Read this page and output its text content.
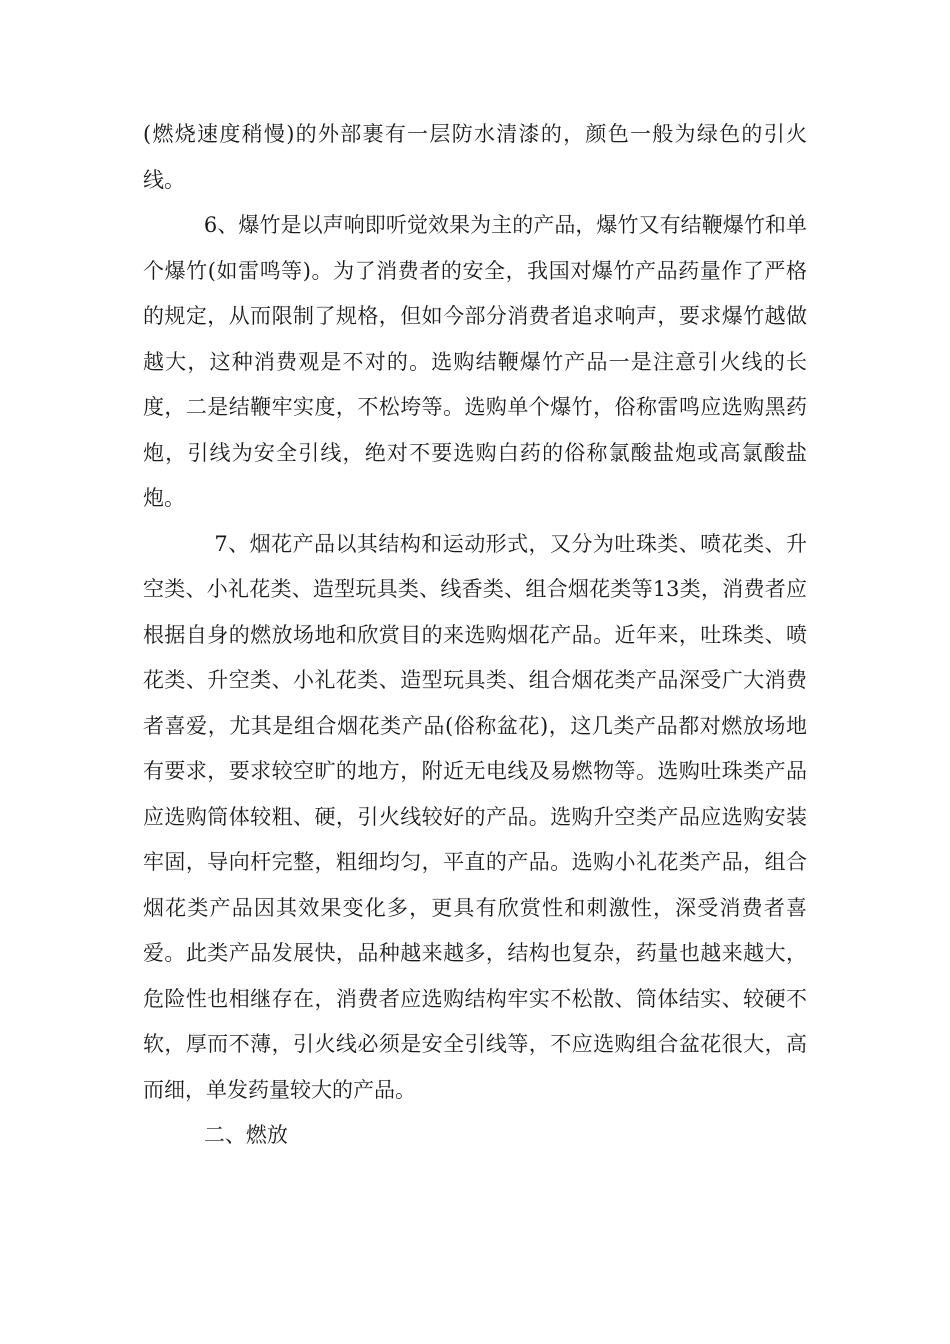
(燃烧速度稍慢)的外部裹有一层防水清漆的，颜色一般为绿色的引火线。

6、爆竹是以声响即听觉效果为主的产品，爆竹又有结鞭爆竹和单个爆竹(如雷鸣等)。为了消费者的安全，我国对爆竹产品药量作了严格的规定，从而限制了规格，但如今部分消费者追求响声，要求爆竹越做越大，这种消费观是不对的。选购结鞭爆竹产品一是注意引火线的长度，二是结鞭牢实度，不松垮等。选购单个爆竹，俗称雷鸣应选购黑药炮，引线为安全引线，绝对不要选购白药的俗称氯酸盐炮或高氯酸盐炮。

7、烟花产品以其结构和运动形式，又分为吐珠类、喷花类、升空类、小礼花类、造型玩具类、线香类、组合烟花类等13类，消费者应根据自身的燃放场地和欣赏目的来选购烟花产品。近年来，吐珠类、喷花类、升空类、小礼花类、造型玩具类、组合烟花类产品深受广大消费者喜爱，尤其是组合烟花类产品(俗称盆花)，这几类产品都对燃放场地有要求，要求较空旷的地方，附近无电线及易燃物等。选购吐珠类产品应选购筒体较粗、硬，引火线较好的产品。选购升空类产品应选购安装牢固，导向杆完整，粗细均匀，平直的产品。选购小礼花类产品，组合烟花类产品因其效果变化多，更具有欣赏性和刺激性，深受消费者喜爱。此类产品发展快，品种越来越多，结构也复杂，药量也越来越大，危险性也相继存在，消费者应选购结构牢实不松散、筒体结实、较硬不软，厚而不薄，引火线必须是安全引线等，不应选购组合盆花很大，高而细，单发药量较大的产品。

二、燃放
